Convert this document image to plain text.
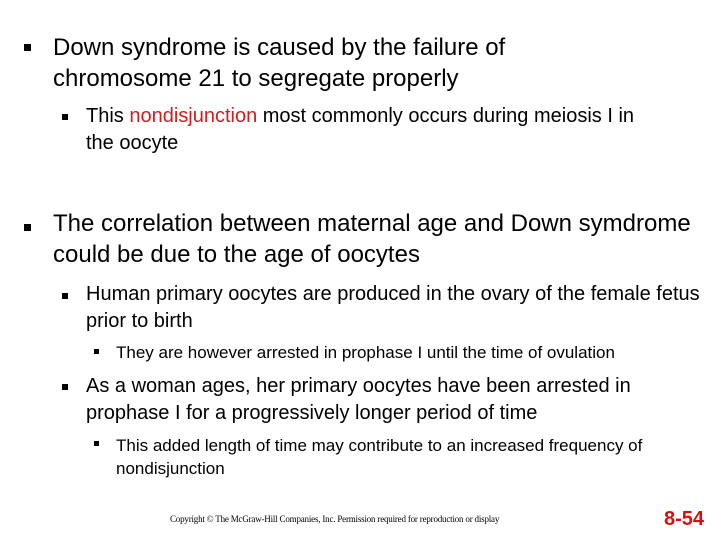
Down syndrome is caused by the failure of chromosome 21 to segregate properly

This nondisjunction most commonly occurs during meiosis I in the oocyte

The correlation between maternal age and Down symdrome could be due to the age of oocytes

Human primary oocytes are produced in the ovary of the female fetus prior to birth

They are however arrested in prophase I until the time of ovulation

As a woman ages, her primary oocytes have been arrested in prophase I for a progressively longer period of time

This added length of time may contribute to an increased frequency of nondisjunction

Copyright © The McGraw-Hill Companies, Inc. Permission required for reproduction or display	8-54
